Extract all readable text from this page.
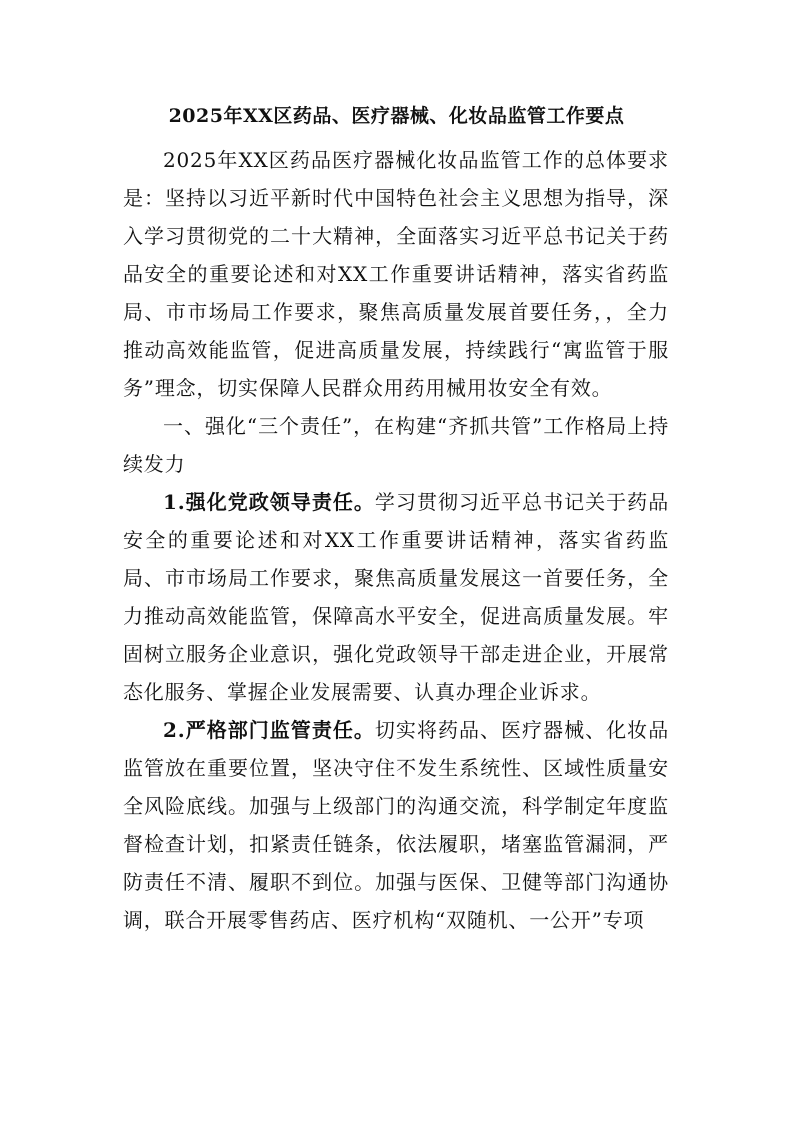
2025年XX区药品、医疗器械、化妆品监管工作要点

2025年XX区药品医疗器械化妆品监管工作的总体要求是：坚持以习近平新时代中国特色社会主义思想为指导，深入学习贯彻党的二十大精神，全面落实习近平总书记关于药品安全的重要论述和对XX工作重要讲话精神，落实省药监局、市市场局工作要求，聚焦高质量发展首要任务，，全力推动高效能监管，促进高质量发展，持续践行“寓监管于服务”理念，切实保障人民群众用药用械用妆安全有效。

一、强化“三个责任”，在构建“齐抓共管”工作格局上持续发力

1.强化党政领导责任。学习贯彻习近平总书记关于药品安全的重要论述和对XX工作重要讲话精神，落实省药监局、市市场局工作要求，聚焦高质量发展这一首要任务，全力推动高效能监管，保障高水平安全，促进高质量发展。牢固树立服务企业意识，强化党政领导干部走进企业，开展常态化服务、掌握企业发展需要、认真办理企业诉求。

2.严格部门监管责任。切实将药品、医疗器械、化妆品监管放在重要位置，坚决守住不发生系统性、区域性质量安全风险底线。加强与上级部门的沟通交流，科学制定年度监督检查计划，扣紧责任链条，依法履职，堵塞监管漏洞，严防责任不清、履职不到位。加强与医保、卫健等部门沟通协调，联合开展零售药店、医疗机构“双随机、一公开”专项
